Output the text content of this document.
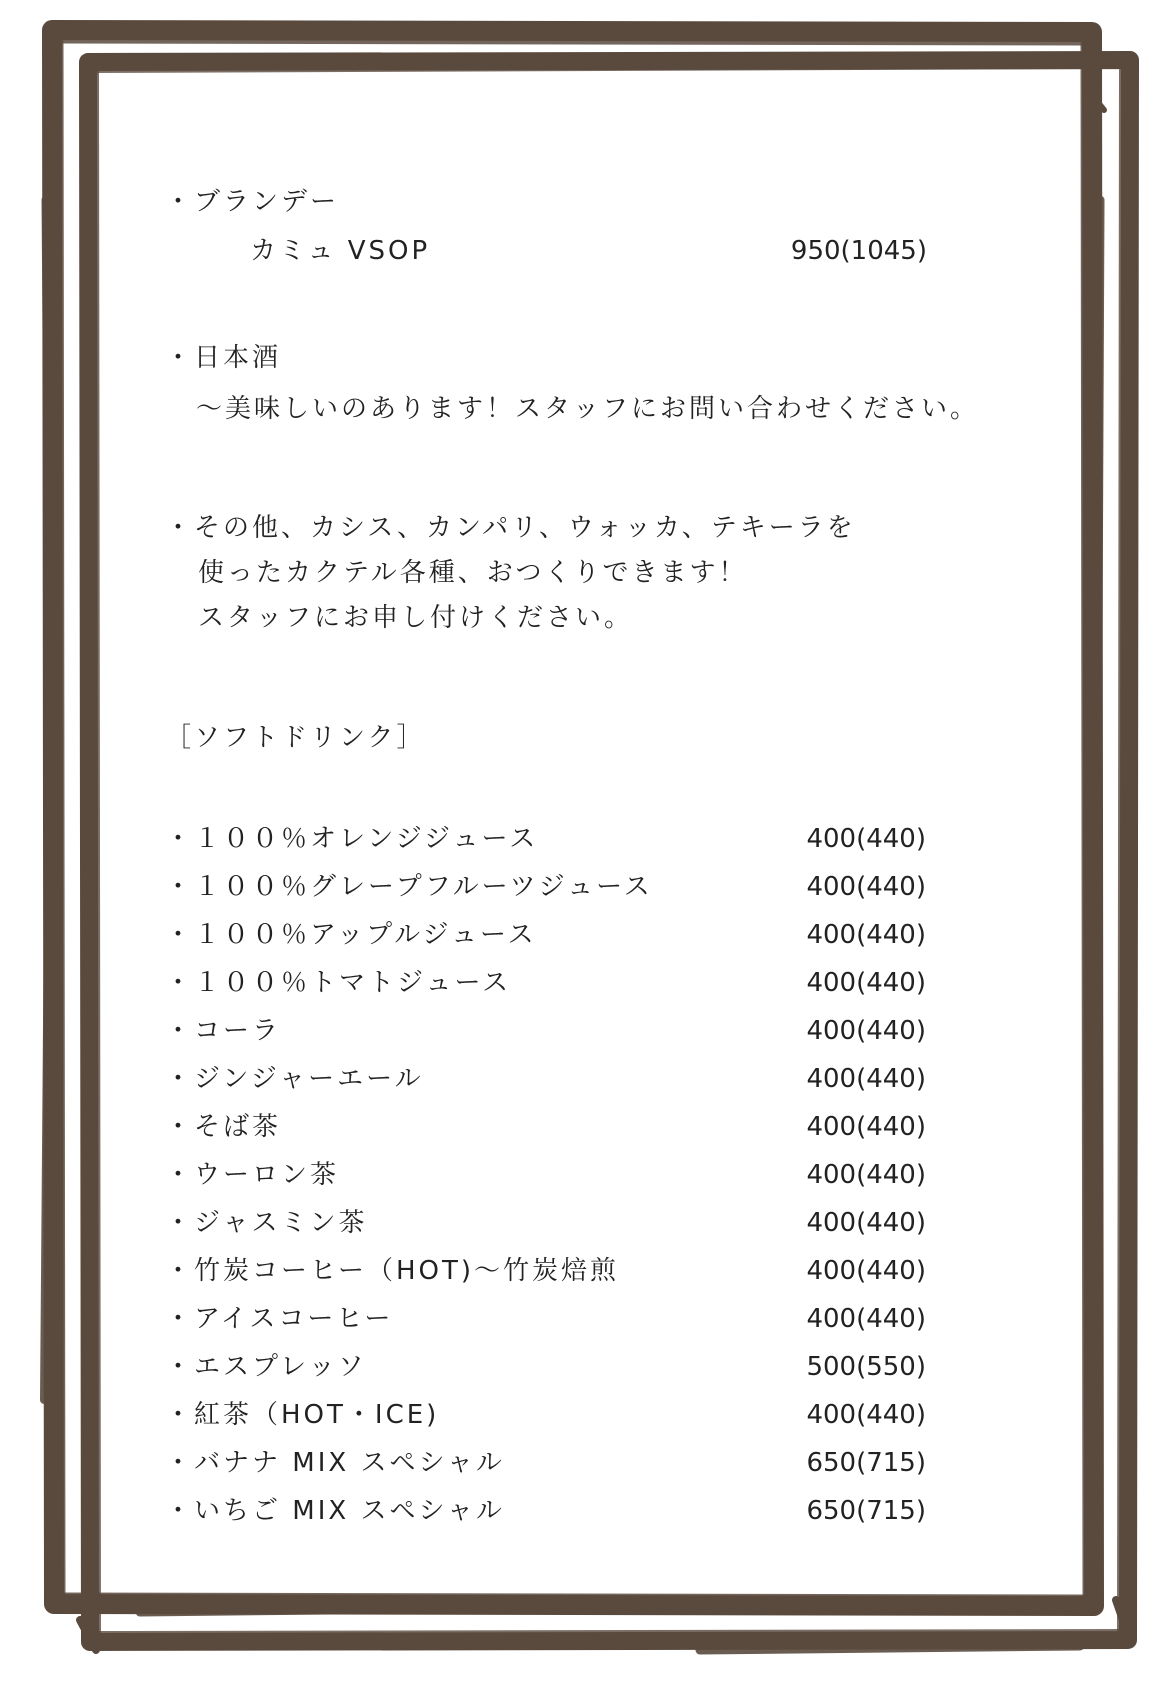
・ブランデー
カミュ VSOP	950(1045)
・日本酒
〜美味しいのあります！スタッフにお問い合わせください。
・その他、カシス、カンパリ、ウォッカ、テキーラを
使ったカクテル各種、おつくりできます！
スタッフにお申し付けください。
［ソフトドリンク］
・１００％オレンジジュース	400(440)
・１００％グレープフルーツジュース	400(440)
・１００％アップルジュース	400(440)
・１００％トマトジュース	400(440)
・コーラ	400(440)
・ジンジャーエール	400(440)
・そば茶	400(440)
・ウーロン茶	400(440)
・ジャスミン茶	400(440)
・竹炭コーヒー（HOT)〜竹炭焙煎	400(440)
・アイスコーヒー	400(440)
・エスプレッソ	500(550)
・紅茶（HOT・ICE)	400(440)
・バナナ MIX スペシャル	650(715)
・いちご MIX スペシャル	650(715)
